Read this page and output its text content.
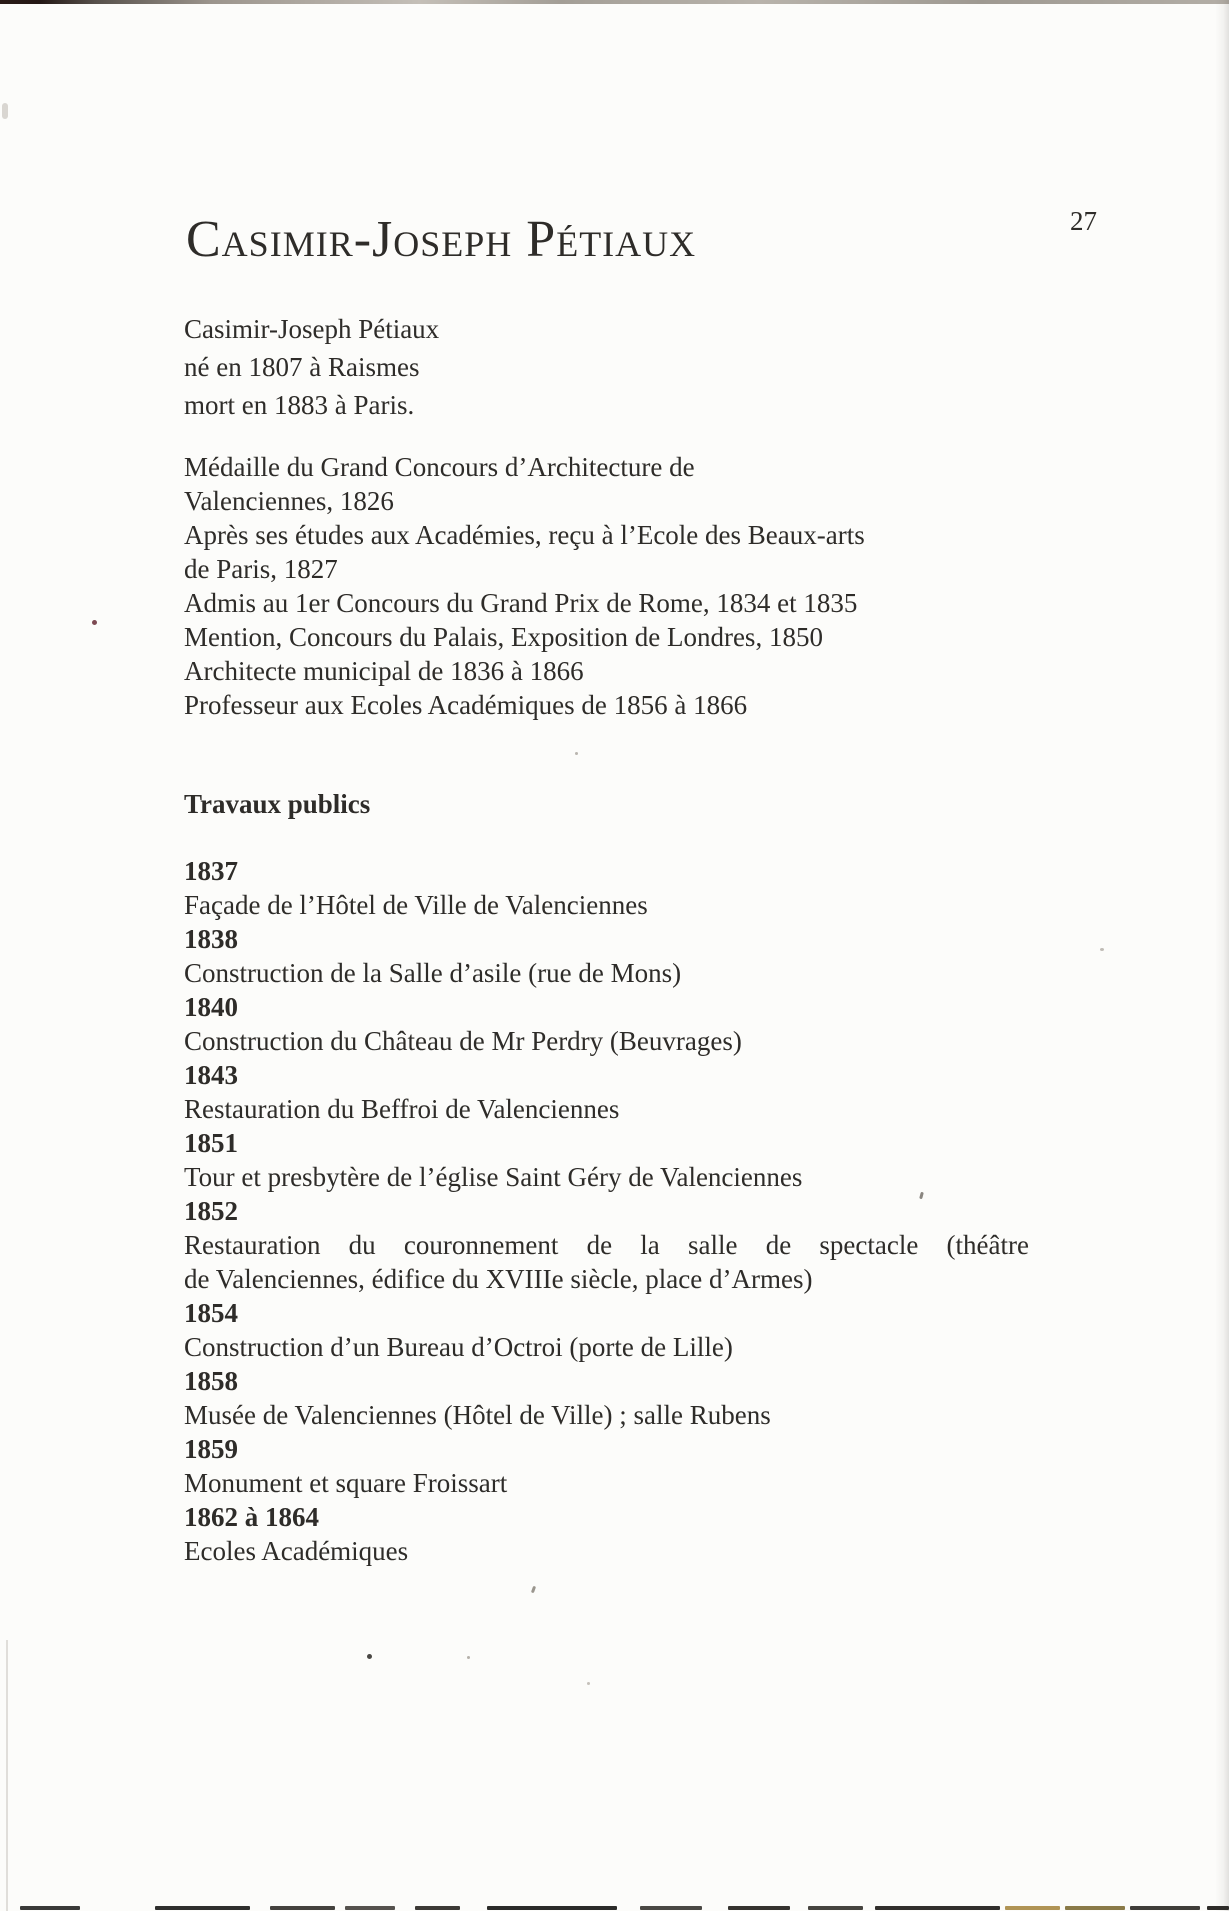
Casimir-Joseph Pétiaux	27
Casimir-Joseph Pétiaux
né en 1807 à Raismes
mort en 1883 à Paris.
Médaille du Grand Concours d’Architecture de
Valenciennes, 1826
Après ses études aux Académies, reçu à l’Ecole des Beaux-arts
de Paris, 1827
Admis au 1er Concours du Grand Prix de Rome, 1834 et 1835
Mention, Concours du Palais, Exposition de Londres, 1850
Architecte municipal de 1836 à 1866
Professeur aux Ecoles Académiques de 1856 à 1866
Travaux publics
1837
Façade de l’Hôtel de Ville de Valenciennes
1838
Construction de la Salle d’asile (rue de Mons)
1840
Construction du Château de Mr Perdry (Beuvrages)
1843
Restauration du Beffroi de Valenciennes
1851
Tour et presbytère de l’église Saint Géry de Valenciennes
1852
Restauration du couronnement de la salle de spectacle (théâtre
de Valenciennes, édifice du XVIIIe siècle, place d’Armes)
1854
Construction d’un Bureau d’Octroi (porte de Lille)
1858
Musée de Valenciennes (Hôtel de Ville) ; salle Rubens
1859
Monument et square Froissart
1862 à 1864
Ecoles Académiques
